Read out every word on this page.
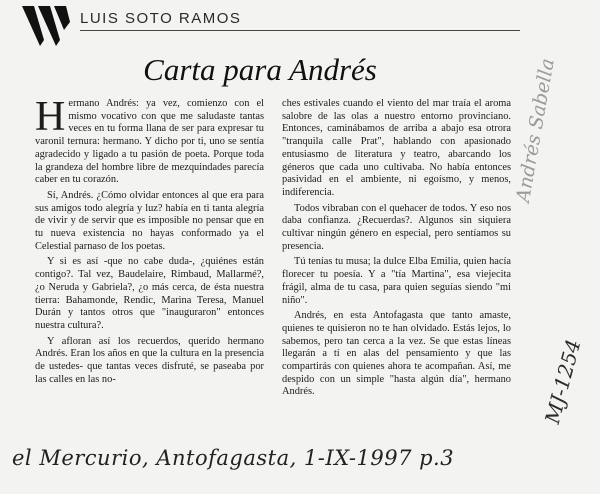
LUIS SOTO RAMOS
Carta para Andrés

Hermano Andrés: ya vez, comienzo con el mismo vocativo con que me saludaste tantas veces en tu forma llana de ser para expresar tu varonil ternura: hermano. Y dicho por ti, uno se sentía agradecido y ligado a tu pasión de poeta. Porque toda la grandeza del hombre libre de mezquindades parecía caber en tu corazón.

Sí, Andrés. ¿Cómo olvidar entonces al que era para sus amigos todo alegría y luz? había en ti tanta alegría de vivir y de servir que es imposible no pensar que en tu nueva existencia no hayas conformado ya el Celestial parnaso de los poetas.

Y si es así -que no cabe duda-, ¿quiénes están contigo?. Tal vez, Baudelaire, Rimbaud, Mallarmé?, ¿o Neruda y Gabriela?, ¿o más cerca, de ésta nuestra tierra: Bahamonde, Rendic, Marina Teresa, Manuel Durán y tantos otros que "inauguraron" entonces nuestra cultura?.

Y afloran así los recuerdos, querido hermano Andrés. Eran los años en que la cultura en la presencia de ustedes- que tantas veces disfruté, se paseaba por las calles en las no-

ches estivales cuando el viento del mar traía el aroma salobre de las olas a nuestro entorno provinciano. Entonces, caminábamos de arriba a abajo esa otrora "tranquila calle Prat", hablando con apasionado entusiasmo de literatura y teatro, abarcando los géneros que cada uno cultivaba. No había entonces pasividad en el ambiente, ni egoísmo, y menos, indiferencia.

Todos vibraban con el quehacer de todos. Y eso nos daba confianza. ¿Recuerdas?. Algunos sin siquiera cultivar ningún género en especial, pero sentíamos su presencia.

Tú tenías tu musa; la dulce Elba Emilia, quien hacía florecer tu poesía. Y a "tía Martina", esa viejecita frágil, alma de tu casa, para quien seguías siendo "mi niño".

Andrés, en esta Antofagasta que tanto amaste, quienes te quisieron no te han olvidado. Estás lejos, lo sabemos, pero tan cerca a la vez. Se que estas líneas llegarán a tí en alas del pensamiento y que las compartirás con quienes ahora te acompañan. Así, me despido con un simple "hasta algún día", hermano Andrés.

el Mercurio, Antofagasta, 1-IX-1997 p.3
Andrés Sabella
MJ-1254
